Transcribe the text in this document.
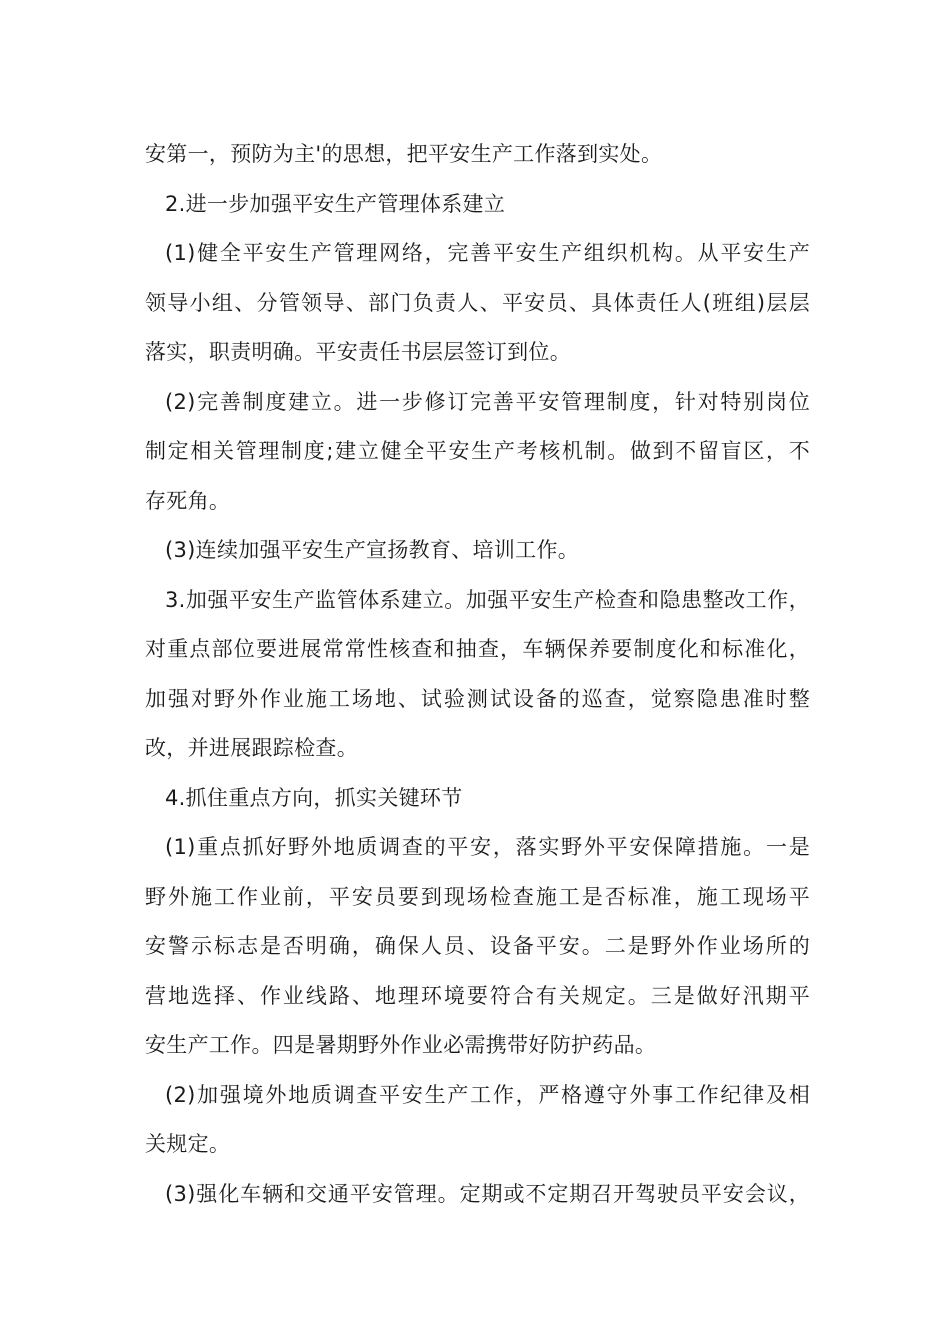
安第一，预防为主'的思想，把平安生产工作落到实处。
2.进一步加强平安生产管理体系建立
(1)健全平安生产管理网络，完善平安生产组织机构。从平安生产
领导小组、分管领导、部门负责人、平安员、具体责任人(班组)层层
落实，职责明确。平安责任书层层签订到位。
(2)完善制度建立。进一步修订完善平安管理制度，针对特别岗位
制定相关管理制度;建立健全平安生产考核机制。做到不留盲区，不
存死角。
(3)连续加强平安生产宣扬教育、培训工作。
3.加强平安生产监管体系建立。加强平安生产检查和隐患整改工作，
对重点部位要进展常常性核查和抽查，车辆保养要制度化和标准化，
加强对野外作业施工场地、试验测试设备的巡查，觉察隐患准时整
改，并进展跟踪检查。
4.抓住重点方向，抓实关键环节
(1)重点抓好野外地质调查的平安，落实野外平安保障措施。一是
野外施工作业前，平安员要到现场检查施工是否标准，施工现场平
安警示标志是否明确，确保人员、设备平安。二是野外作业场所的
营地选择、作业线路、地理环境要符合有关规定。三是做好汛期平
安生产工作。四是暑期野外作业必需携带好防护药品。
(2)加强境外地质调查平安生产工作，严格遵守外事工作纪律及相
关规定。
(3)强化车辆和交通平安管理。定期或不定期召开驾驶员平安会议，
